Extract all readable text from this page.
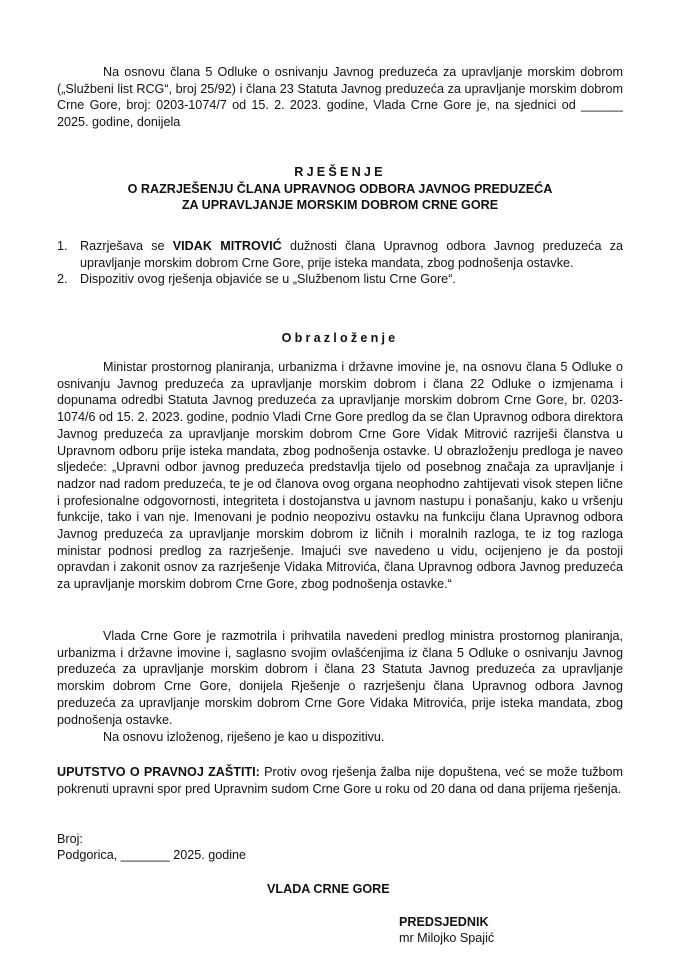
Na osnovu člana 5 Odluke o osnivanju Javnog preduzeća za upravljanje morskim dobrom („Službeni list RCG“, broj 25/92) i člana 23 Statuta Javnog preduzeća za upravljanje morskim dobrom Crne Gore, broj: 0203-1074/7 od 15. 2. 2023. godine, Vlada Crne Gore je, na sjednici od ______ 2025. godine, donijela

RJEŠENJE
O RAZRJEŠENJU ČLANA UPRAVNOG ODBORA JAVNOG PREDUZEĆA
ZA UPRAVLJANJE MORSKIM DOBROM CRNE GORE
1. Razrješava se VIDAK MITROVIĆ dužnosti člana Upravnog odbora Javnog preduzeća za upravljanje morskim dobrom Crne Gore, prije isteka mandata, zbog podnošenja ostavke.
2. Dispozitiv ovog rješenja objaviće se u „Službenom listu Crne Gore“.
Obrazloženje

Ministar prostornog planiranja, urbanizma i državne imovine je, na osnovu člana 5 Odluke o osnivanju Javnog preduzeća za upravljanje morskim dobrom i člana 22 Odluke o izmjenama i dopunama odredbi Statuta Javnog preduzeća za upravljanje morskim dobrom Crne Gore, br. 0203-1074/6 od 15. 2. 2023. godine, podnio Vladi Crne Gore predlog da se član Upravnog odbora direktora Javnog preduzeća za upravljanje morskim dobrom Crne Gore Vidak Mitrović razriješi članstva u Upravnom odboru prije isteka mandata, zbog podnošenja ostavke. U obrazloženju predloga je naveo sljedeće: „Upravni odbor javnog preduzeća predstavlja tijelo od posebnog značaja za upravljanje i nadzor nad radom preduzeća, te je od članova ovog organa neophodno zahtijevati visok stepen lične i profesionalne odgovornosti, integriteta i dostojanstva u javnom nastupu i ponašanju, kako u vršenju funkcije, tako i van nje. Imenovani je podnio neopozivu ostavku na funkciju člana Upravnog odbora Javnog preduzeća za upravljanje morskim dobrom iz ličnih i moralnih razloga, te iz tog razloga ministar podnosi predlog za razrješenje. Imajući sve navedeno u vidu, ocijenjeno je da postoji opravdan i zakonit osnov za razrješenje Vidaka Mitrovića, člana Upravnog odbora Javnog preduzeća za upravljanje morskim dobrom Crne Gore, zbog podnošenja ostavke.“

Vlada Crne Gore je razmotrila i prihvatila navedeni predlog ministra prostornog planiranja, urbanizma i državne imovine i, saglasno svojim ovlašćenjima iz člana 5 Odluke o osnivanju Javnog preduzeća za upravljanje morskim dobrom i člana 23 Statuta Javnog preduzeća za upravljanje morskim dobrom Crne Gore, donijela Rješenje o razrješenju člana Upravnog odbora Javnog preduzeća za upravljanje morskim dobrom Crne Gore Vidaka Mitrovića, prije isteka mandata, zbog podnošenja ostavke.

Na osnovu izloženog, riješeno je kao u dispozitivu.

UPUTSTVO O PRAVNOJ ZAŠTITI: Protiv ovog rješenja žalba nije dopuštena, već se može tužbom pokrenuti upravni spor pred Upravnim sudom Crne Gore u roku od 20 dana od dana prijema rješenja.

Broj:
Podgorica, _______ 2025. godine
VLADA CRNE GORE
PREDSJEDNIK
mr Milojko Spajić
